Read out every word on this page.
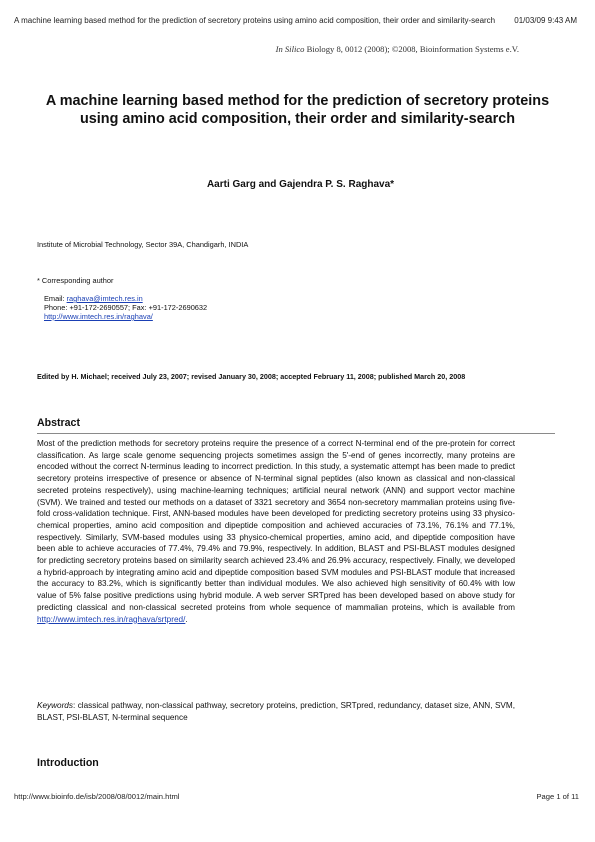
A machine learning based method for the prediction of secretory proteins using amino acid composition, their order and similarity-search 01/03/09 9:43 AM
In Silico Biology 8, 0012 (2008); ©2008, Bioinformation Systems e.V.
A machine learning based method for the prediction of secretory proteins using amino acid composition, their order and similarity-search
Aarti Garg and Gajendra P. S. Raghava*
Institute of Microbial Technology, Sector 39A, Chandigarh, INDIA
* Corresponding author
Email: raghava@imtech.res.in
Phone: +91-172-2690557; Fax: +91-172-2690632
http://www.imtech.res.in/raghava/
Edited by H. Michael; received July 23, 2007; revised January 30, 2008; accepted February 11, 2008; published March 20, 2008
Abstract

Most of the prediction methods for secretory proteins require the presence of a correct N-terminal end of the pre-protein for correct classification. As large scale genome sequencing projects sometimes assign the 5'-end of genes incorrectly, many proteins are encoded without the correct N-terminus leading to incorrect prediction. In this study, a systematic attempt has been made to predict secretory proteins irrespective of presence or absence of N-terminal signal peptides (also known as classical and non-classical secreted proteins respectively), using machine-learning techniques; artificial neural network (ANN) and support vector machine (SVM). We trained and tested our methods on a dataset of 3321 secretory and 3654 non-secretory mammalian proteins using five-fold cross-validation technique. First, ANN-based modules have been developed for predicting secretory proteins using 33 physico-chemical properties, amino acid composition and dipeptide composition and achieved accuracies of 73.1%, 76.1% and 77.1%, respectively. Similarly, SVM-based modules using 33 physico-chemical properties, amino acid, and dipeptide composition have been able to achieve accuracies of 77.4%, 79.4% and 79.9%, respectively. In addition, BLAST and PSI-BLAST modules designed for predicting secretory proteins based on similarity search achieved 23.4% and 26.9% accuracy, respectively. Finally, we developed a hybrid-approach by integrating amino acid and dipeptide composition based SVM modules and PSI-BLAST module that increased the accuracy to 83.2%, which is significantly better than individual modules. We also achieved high sensitivity of 60.4% with low value of 5% false positive predictions using hybrid module. A web server SRTpred has been developed based on above study for predicting classical and non-classical secreted proteins from whole sequence of mammalian proteins, which is available from http://www.imtech.res.in/raghava/srtpred/.

Keywords: classical pathway, non-classical pathway, secretory proteins, prediction, SRTpred, redundancy, dataset size, ANN, SVM, BLAST, PSI-BLAST, N-terminal sequence

Introduction
http://www.bioinfo.de/isb/2008/08/0012/main.html	Page 1 of 11
